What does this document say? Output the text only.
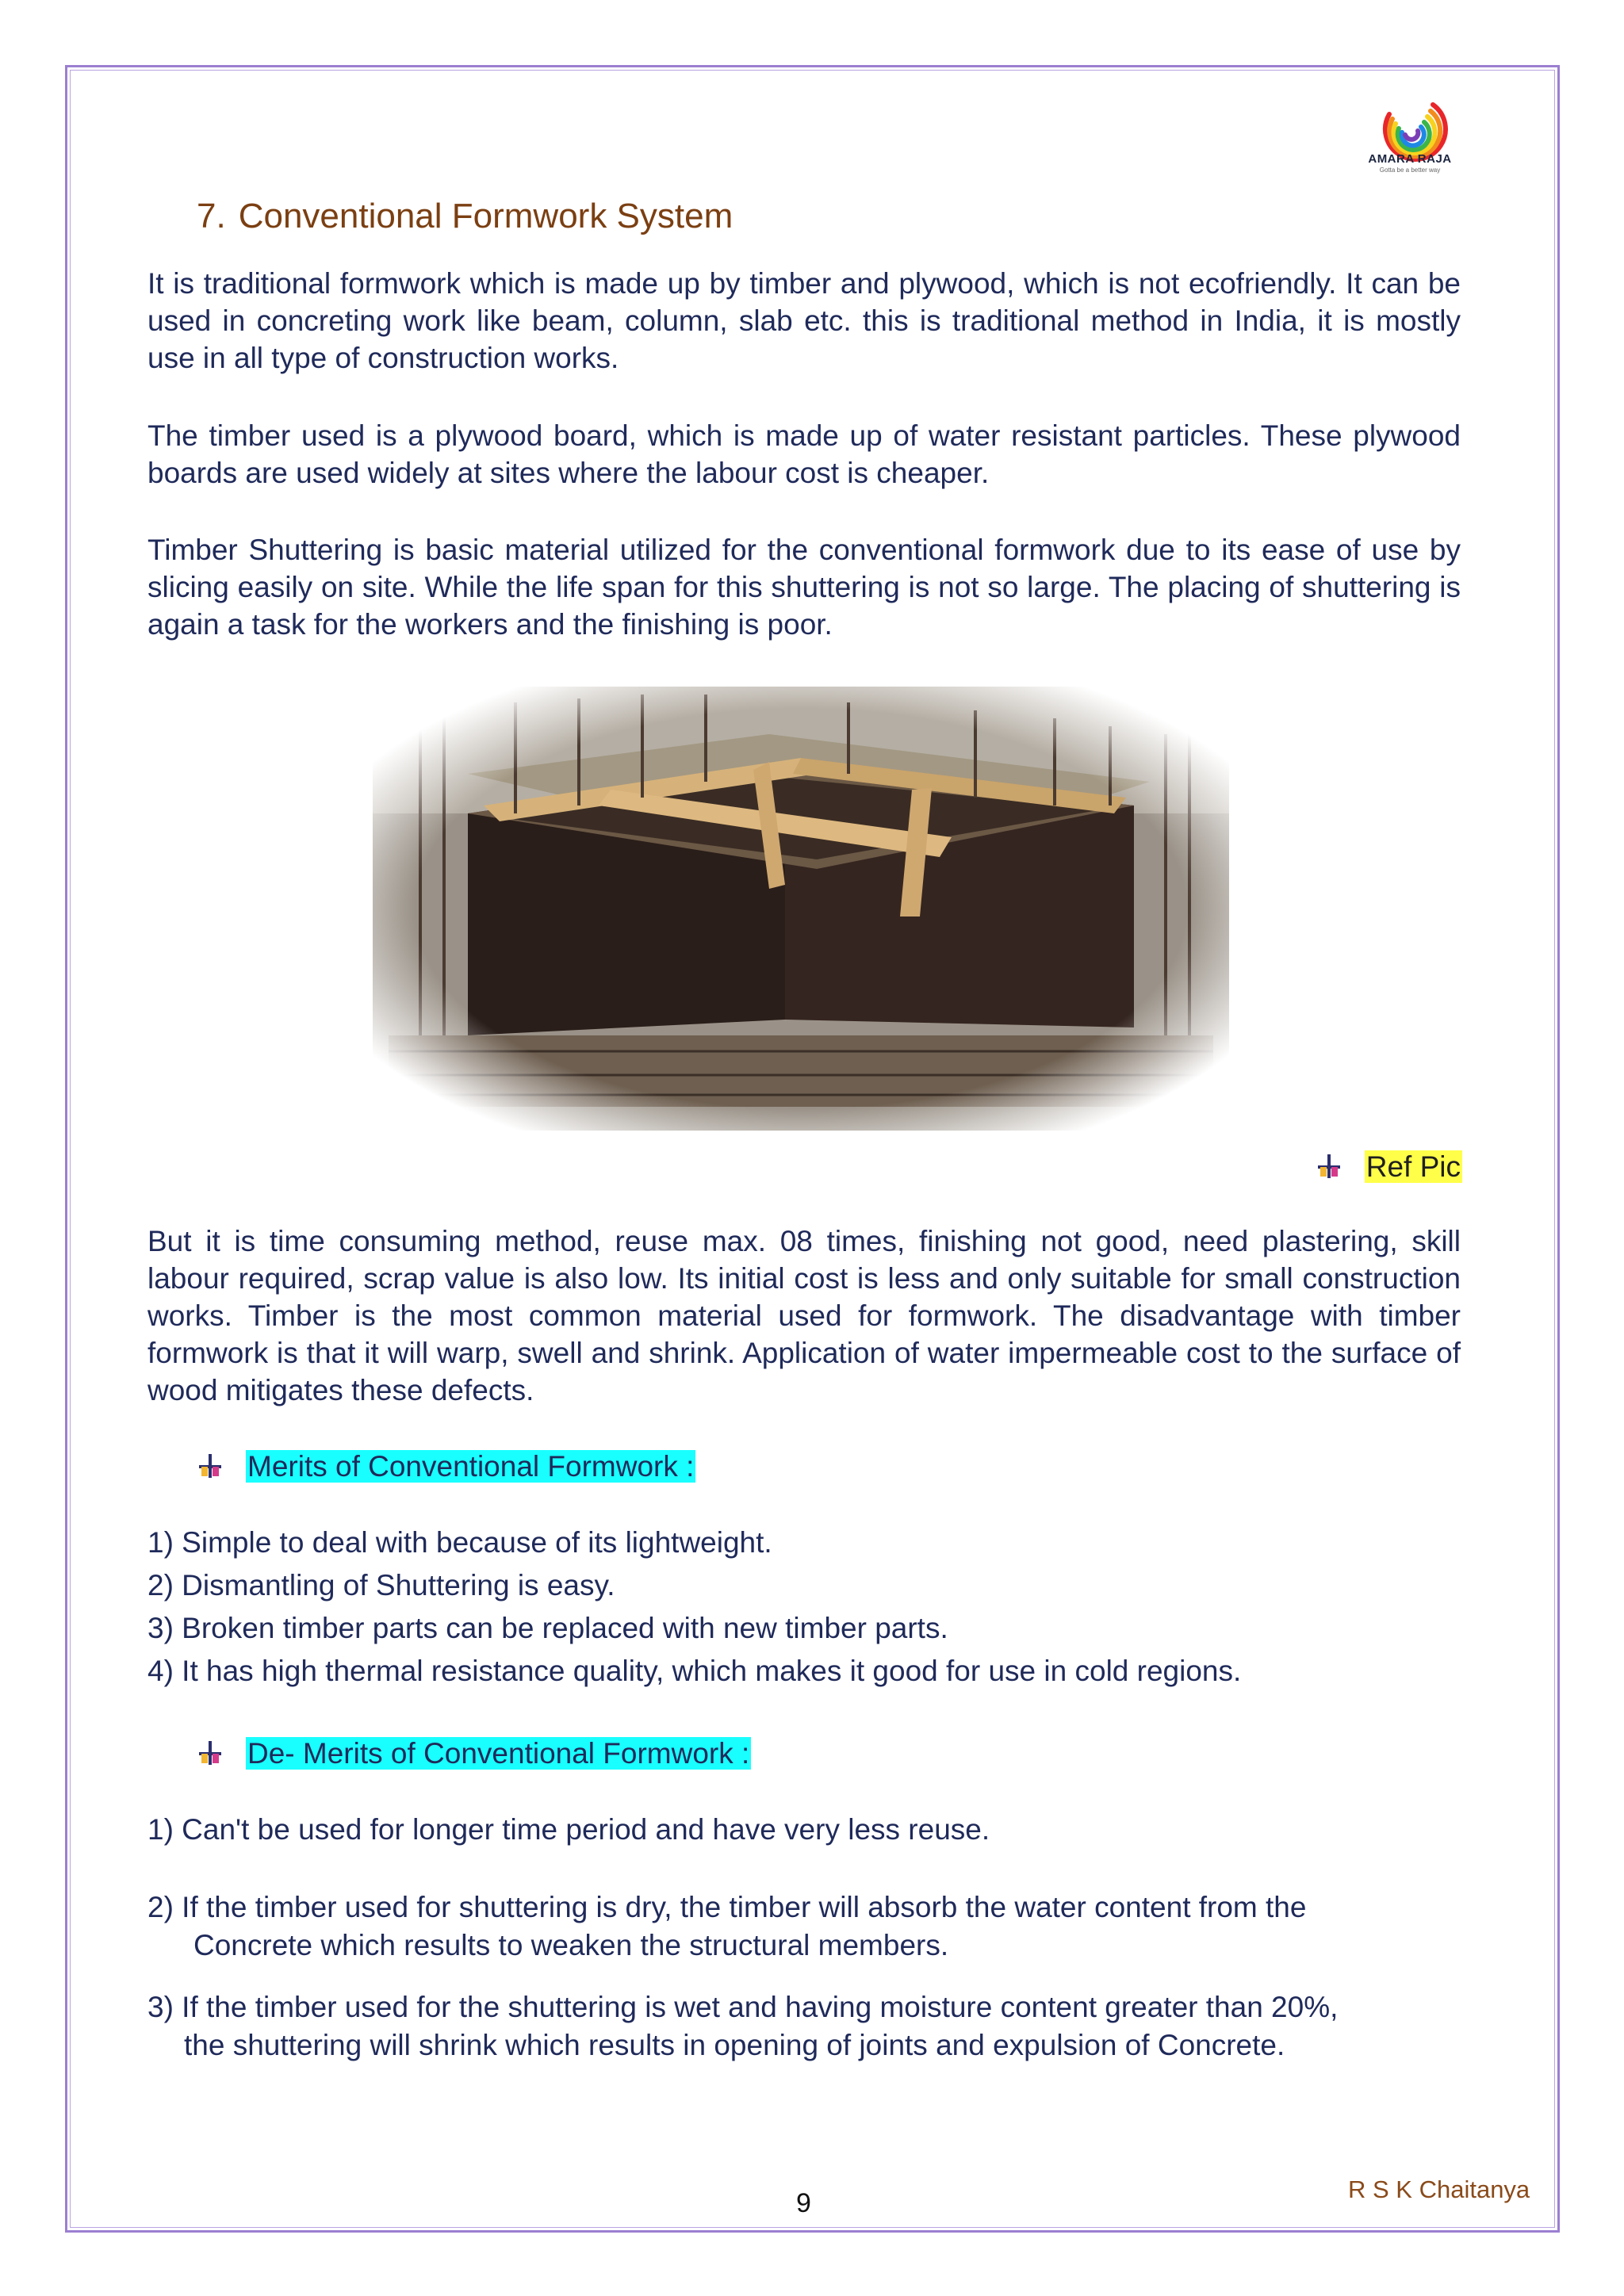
AMARA RAJA
Gotta be a better way
7. Conventional Formwork System

It is traditional formwork which is made up by timber and plywood, which is not ecofriendly. It can be used in concreting work like beam, column, slab etc. this is traditional method in India, it is mostly use in all type of construction works.

The timber used is a plywood board, which is made up of water resistant particles. These plywood boards are used widely at sites where the labour cost is cheaper.

Timber Shuttering is basic material utilized for the conventional formwork due to its ease of use by slicing easily on site. While the life span for this shuttering is not so large. The placing of shuttering is again a task for the workers and the finishing is poor.

Ref Pic

But it is time consuming method, reuse max. 08 times, finishing not good, need plastering, skill labour required, scrap value is also low. Its initial cost is less and only suitable for small construction works. Timber is the most common material used for formwork. The disadvantage with timber formwork is that it will warp, swell and shrink. Application of water impermeable cost to the surface of wood mitigates these defects.

Merits of Conventional Formwork :

1) Simple to deal with because of its lightweight.

2) Dismantling of Shuttering is easy.

3) Broken timber parts can be replaced with new timber parts.

4) It has high thermal resistance quality, which makes it good for use in cold regions.

De- Merits of Conventional Formwork :

1) Can't be used for longer time period and have very less reuse.

2) If the timber used for shuttering is dry, the timber will absorb the water content from the

Concrete which results to weaken the structural members.

3) If the timber used for the shuttering is wet and having moisture content greater than 20%,

the shuttering will shrink which results in opening of joints and expulsion of Concrete.

9	R S K Chaitanya
